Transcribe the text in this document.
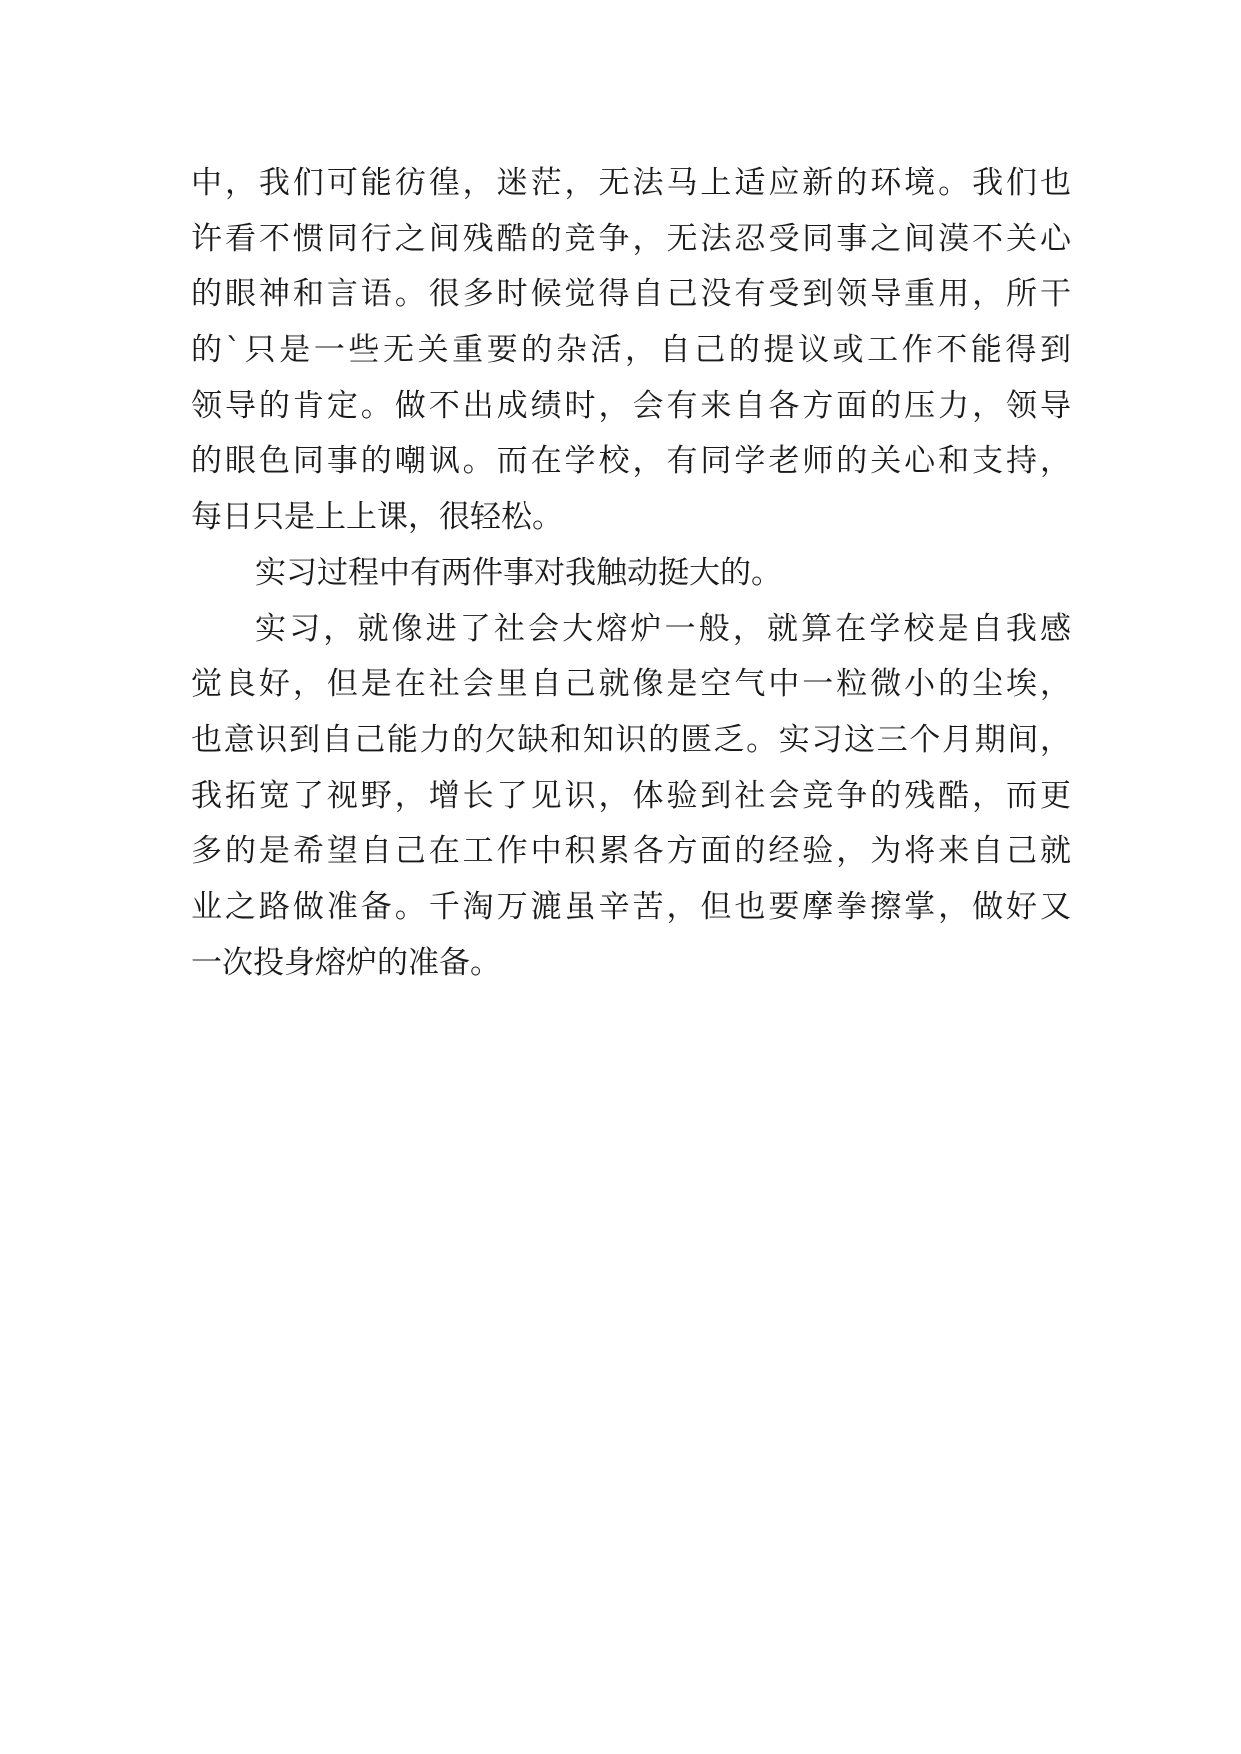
中，我们可能彷徨，迷茫，无法马上适应新的环境。我们也
许看不惯同行之间残酷的竞争，无法忍受同事之间漠不关心
的眼神和言语。很多时候觉得自己没有受到领导重用，所干
的`只是一些无关重要的杂活，自己的提议或工作不能得到
领导的肯定。做不出成绩时，会有来自各方面的压力，领导
的眼色同事的嘲讽。而在学校，有同学老师的关心和支持，
每日只是上上课，很轻松。
实习过程中有两件事对我触动挺大的。
实习，就像进了社会大熔炉一般，就算在学校是自我感
觉良好，但是在社会里自己就像是空气中一粒微小的尘埃，
也意识到自己能力的欠缺和知识的匮乏。实习这三个月期间，
我拓宽了视野，增长了见识，体验到社会竞争的残酷，而更
多的是希望自己在工作中积累各方面的经验，为将来自己就
业之路做准备。千淘万漉虽辛苦，但也要摩拳擦掌，做好又
一次投身熔炉的准备。
